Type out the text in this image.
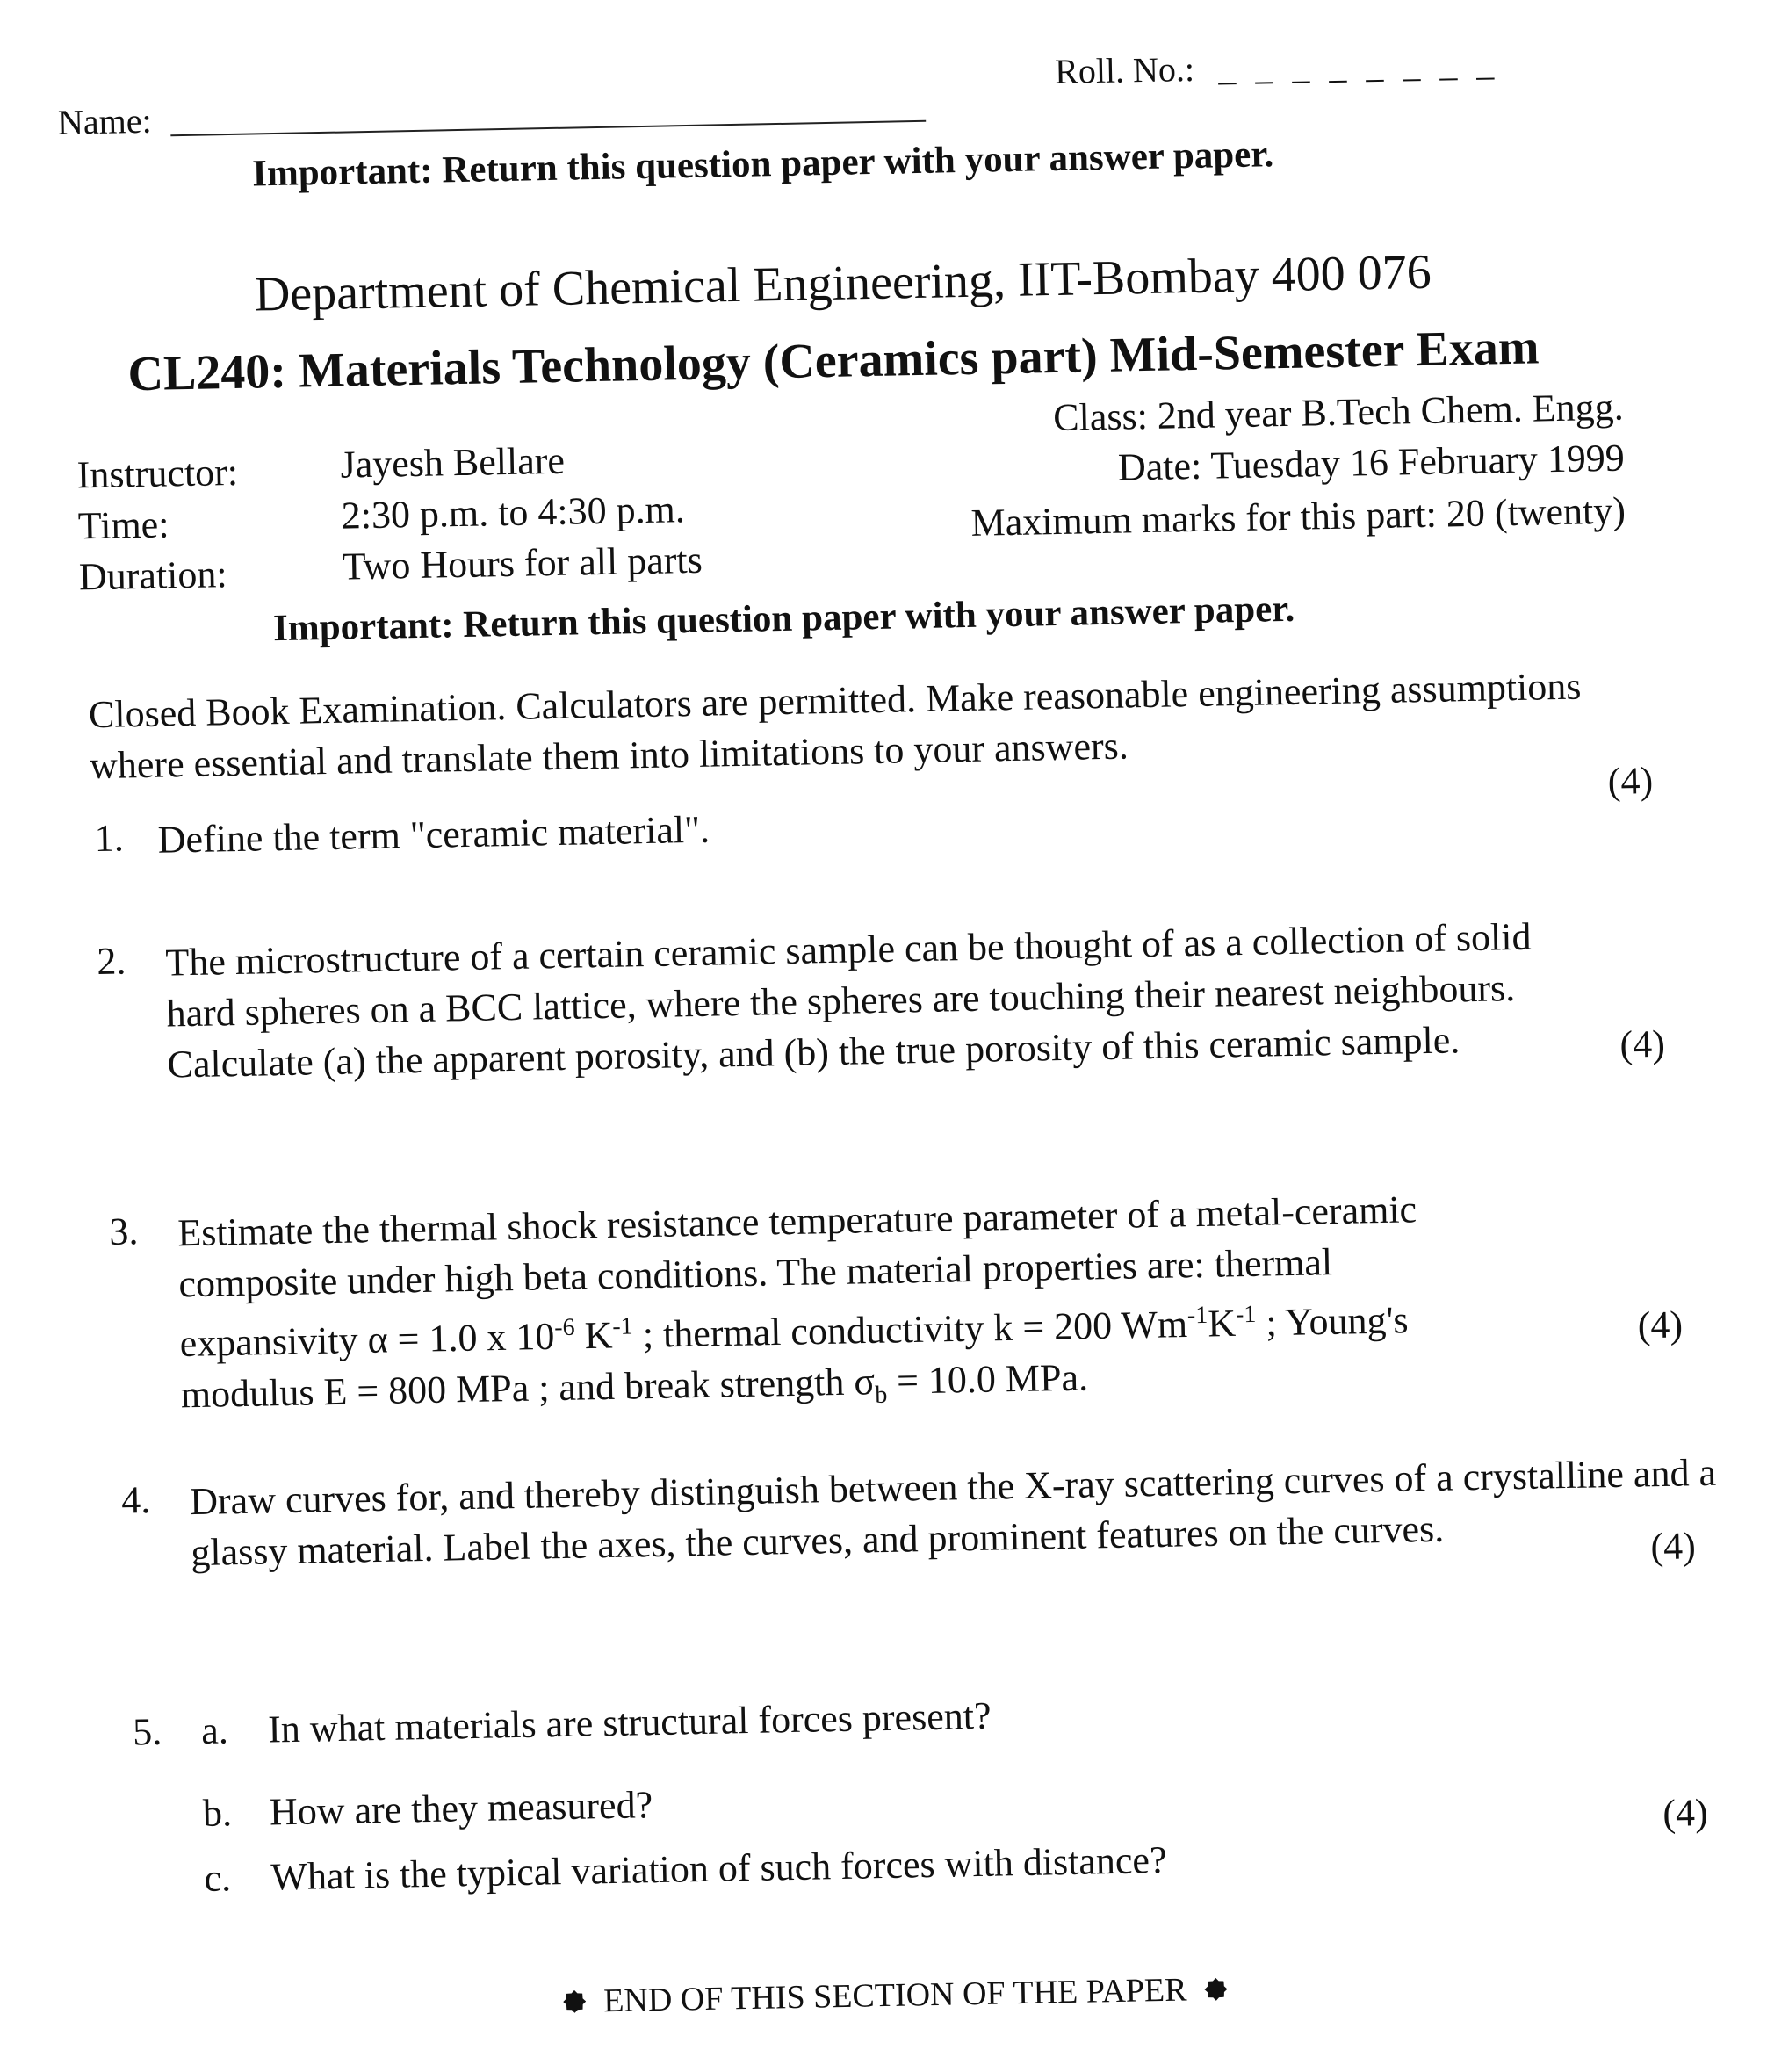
Name:
Roll. No.: _ _ _ _ _ _ _ _
Important: Return this question paper with your answer paper.
Department of Chemical Engineering, IIT-Bombay 400 076
CL240: Materials Technology (Ceramics part) Mid-Semester Exam
Instructor:
Time:
Duration:
Jayesh Bellare
2:30 p.m. to 4:30 p.m.
Two Hours for all parts
Class: 2nd year B.Tech Chem. Engg.
Date: Tuesday 16 February 1999
Maximum marks for this part: 20 (twenty)
Important: Return this question paper with your answer paper.
Closed Book Examination. Calculators are permitted. Make reasonable engineering assumptions where essential and translate them into limitations to your answers.
1. Define the term "ceramic material".
(4)
2. The microstructure of a certain ceramic sample can be thought of as a collection of solid hard spheres on a BCC lattice, where the spheres are touching their nearest neighbours. Calculate (a) the apparent porosity, and (b) the true porosity of this ceramic sample.	(4)
3. Estimate the thermal shock resistance temperature parameter of a metal-ceramic
composite under high beta conditions. The material properties are: thermal
expansivity α = 1.0 x $10^{-6}$ $K^{-1}$ ; thermal conductivity k = 200 $Wm^{-1}K^{-1}$ ; Young's
modulus E = 800 MPa ; and break strength $\sigma_b = 10.0$ MPa.
(4)
4. Draw curves for, and thereby distinguish between the X-ray scattering curves of a crystalline and a glassy material. Label the axes, the curves, and prominent features on the curves.	(4)
5. a. In what materials are structural forces present?
b. How are they measured?
c. What is the typical variation of such forces with distance?
(4)
END OF THIS SECTION OF THE PAPER
